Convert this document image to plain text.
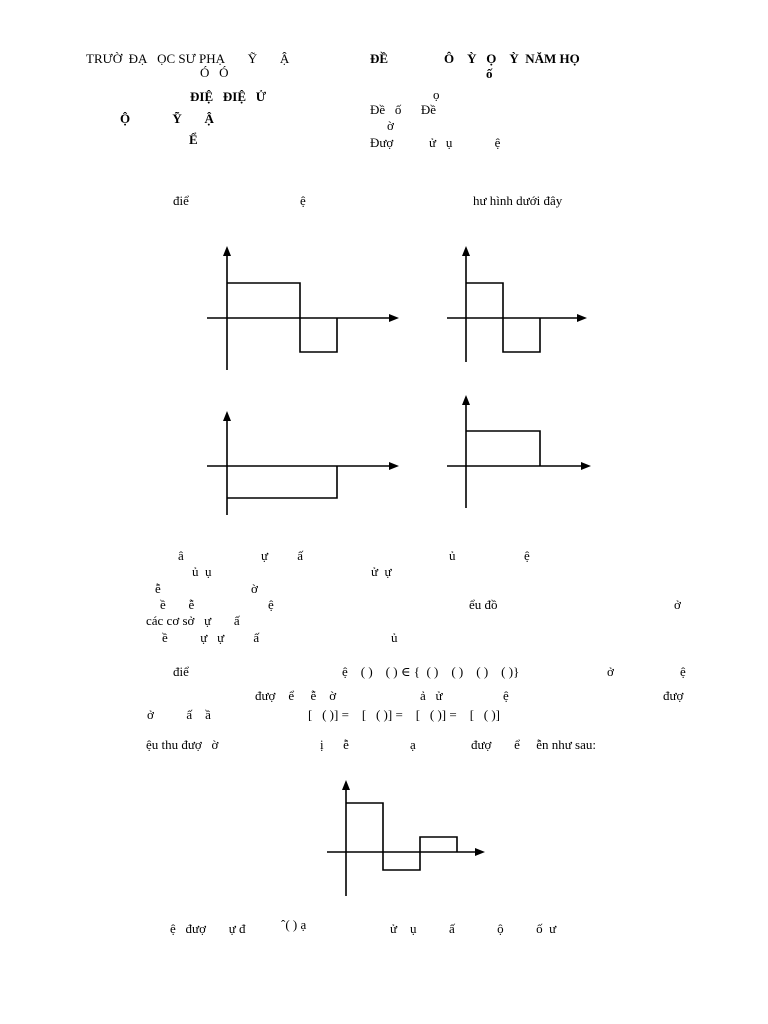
TRƯỜ  ĐẠ   ỌC SƯ PHẠ       Ỹ       Ậ
Ó   Ó
ĐIỆ   ĐIỆ   Ử
Ộ             Ỹ       Ậ
Ể
ĐỀ	Ô    Ỳ   Ọ    Ỳ  NĂM HỌ
ố
ọ
Đề   ố      Đề
ờ
Đượ           ử   ụ             ệ
điể	ệ	hư hình dưới đây
â	ự         ấ	ủ	ệ
ủ  ụ	ử  ự
ễ	ờ
ề       ễ	ệ	ểu đồ	ở
các cơ sở   ự       ấ
ề          ự   ự         ấ	ủ
điể	ệ    ( )    ( ) ∈ {  ( )    ( )    ( )    ( )}	ở	ệ
đượ    ể     ễ    ờ	ả   ử	ệ	đượ
ở          ấ    ầ	[   ( )] =    [   ( )] =    [   ( )] =    [   ( )]
ệu thu đượ   ờ	ị      ễ	ạ	đượ       ể     ễn như sau:
ệ   đượ       ự đ	ˆ( ) ạ	ử    ụ          ấ             ộ          ố  ư
